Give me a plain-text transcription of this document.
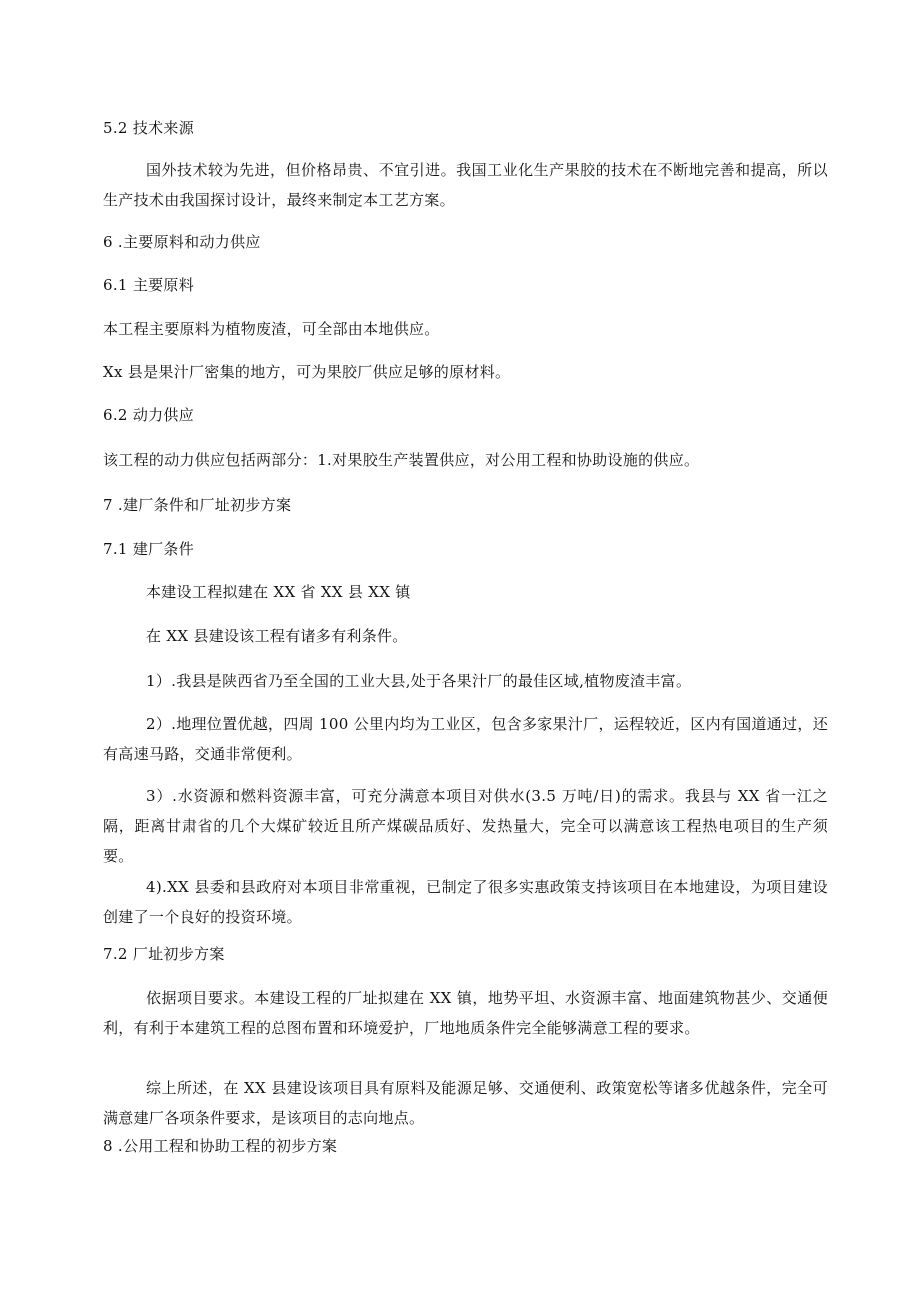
5.2 技术来源
国外技术较为先进，但价格昂贵、不宜引进。我国工业化生产果胶的技术在不断地完善和提高，所以生产技术由我国探讨设计，最终来制定本工艺方案。
6 .主要原料和动力供应
6.1 主要原料
本工程主要原料为植物废渣，可全部由本地供应。
Xx 县是果汁厂密集的地方，可为果胶厂供应足够的原材料。
6.2 动力供应
该工程的动力供应包括两部分：1.对果胶生产装置供应，对公用工程和协助设施的供应。
7 .建厂条件和厂址初步方案
7.1 建厂条件
本建设工程拟建在 XX 省 XX 县 XX 镇
在 XX 县建设该工程有诸多有利条件。
1）.我县是陕西省乃至全国的工业大县,处于各果汁厂的最佳区域,植物废渣丰富。
2）.地理位置优越，四周 100 公里内均为工业区，包含多家果汁厂，运程较近，区内有国道通过，还有高速马路，交通非常便利。
3）.水资源和燃料资源丰富，可充分满意本项目对供水(3.5 万吨/日)的需求。我县与 XX 省一江之隔，距离甘肃省的几个大煤矿较近且所产煤碳品质好、发热量大，完全可以满意该工程热电项目的生产须要。
4).XX 县委和县政府对本项目非常重视，已制定了很多实惠政策支持该项目在本地建设，为项目建设创建了一个良好的投资环境。
7.2 厂址初步方案
依据项目要求。本建设工程的厂址拟建在 XX 镇，地势平坦、水资源丰富、地面建筑物甚少、交通便利，有利于本建筑工程的总图布置和环境爱护，厂地地质条件完全能够满意工程的要求。
综上所述，在 XX 县建设该项目具有原料及能源足够、交通便利、政策宽松等诸多优越条件，完全可满意建厂各项条件要求，是该项目的志向地点。
8 .公用工程和协助工程的初步方案
